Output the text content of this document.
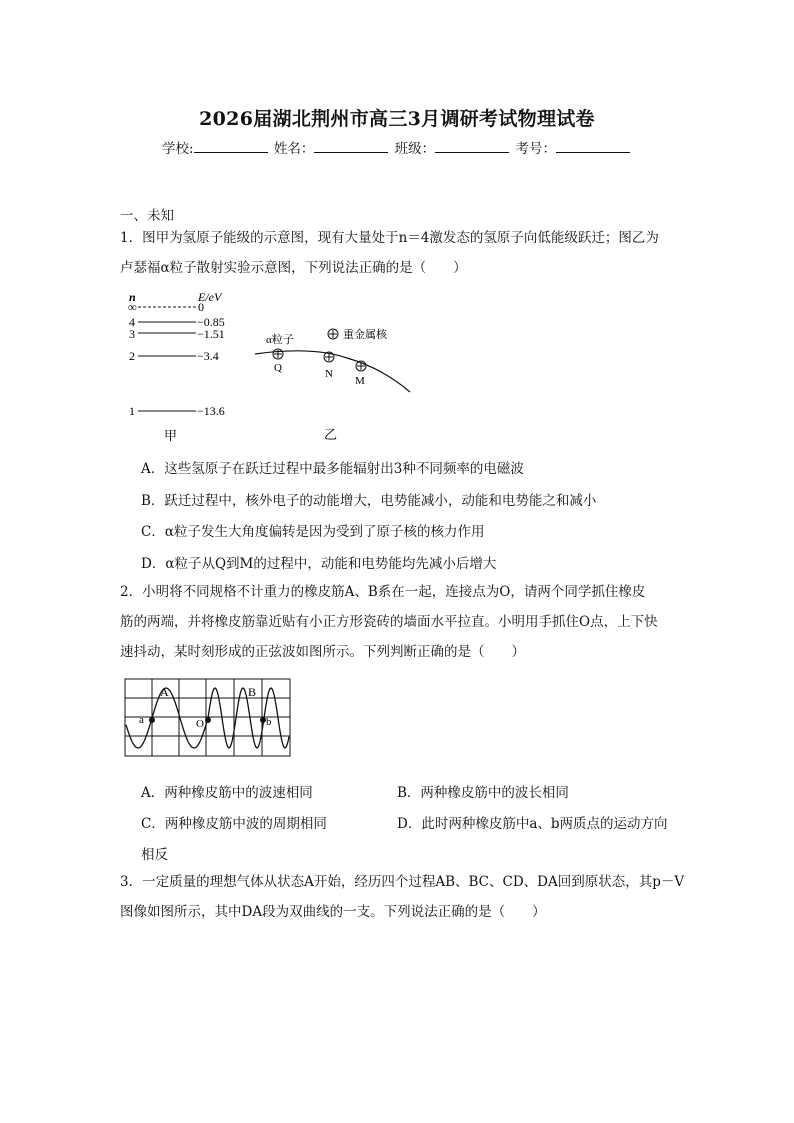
2026届湖北荆州市高三3月调研考试物理试卷
学校:	姓名：	班级：	考号：
一、未知
1．图甲为氢原子能级的示意图，现有大量处于n＝4激发态的氢原子向低能级跃迁；图乙为
卢瑟福α粒子散射实验示意图，下列说法正确的是（　　）
n	E/eV
∞	0
4	−0.85
3	−1.51
2	−3.4
1	−13.6
甲
α粒子	重金属核
Q	N
M
乙
A．这些氢原子在跃迁过程中最多能辐射出3种不同频率的电磁波
B．跃迁过程中，核外电子的动能增大，电势能减小，动能和电势能之和减小
C．α粒子发生大角度偏转是因为受到了原子核的核力作用
D．α粒子从Q到M的过程中，动能和电势能均先减小后增大
2．小明将不同规格不计重力的橡皮筋A、B系在一起，连接点为O，请两个同学抓住橡皮
筋的两端，并将橡皮筋靠近贴有小正方形瓷砖的墙面水平拉直。小明用手抓住O点，上下快
速抖动，某时刻形成的正弦波如图所示。下列判断正确的是（　　）
A	B
a	O	b
A．两种橡皮筋中的波速相同	B．两种橡皮筋中的波长相同
C．两种橡皮筋中波的周期相同	D．此时两种橡皮筋中a、b两质点的运动方向
相反
3．一定质量的理想气体从状态A开始，经历四个过程AB、BC、CD、DA回到原状态，其p－V
图像如图所示，其中DA段为双曲线的一支。下列说法正确的是（　　）
